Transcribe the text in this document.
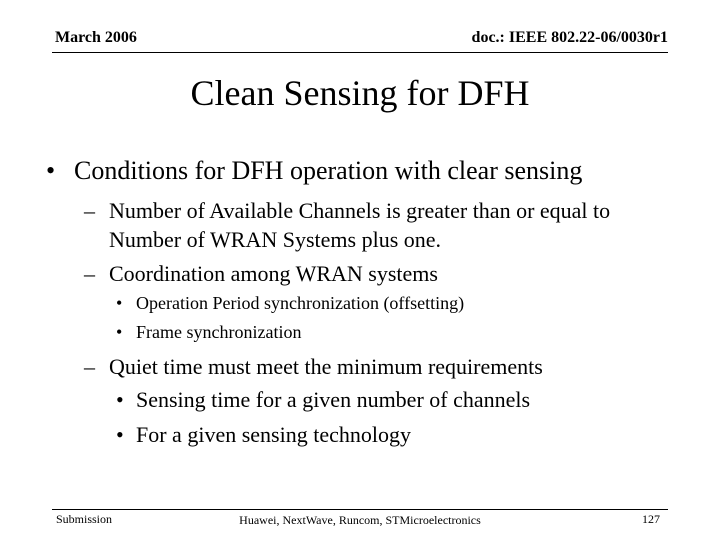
March 2006	doc.: IEEE 802.22-06/0030r1
Clean Sensing for DFH
• Conditions for DFH operation with clear sensing
– Number of Available Channels is greater than or equal to
Number of WRAN Systems plus one.
– Coordination among WRAN systems
• Operation Period synchronization (offsetting)
• Frame synchronization
– Quiet time must meet the minimum requirements
• Sensing time for a given number of channels
• For a given sensing technology
Submission	Huawei, NextWave, Runcom, STMicroelectronics	127
